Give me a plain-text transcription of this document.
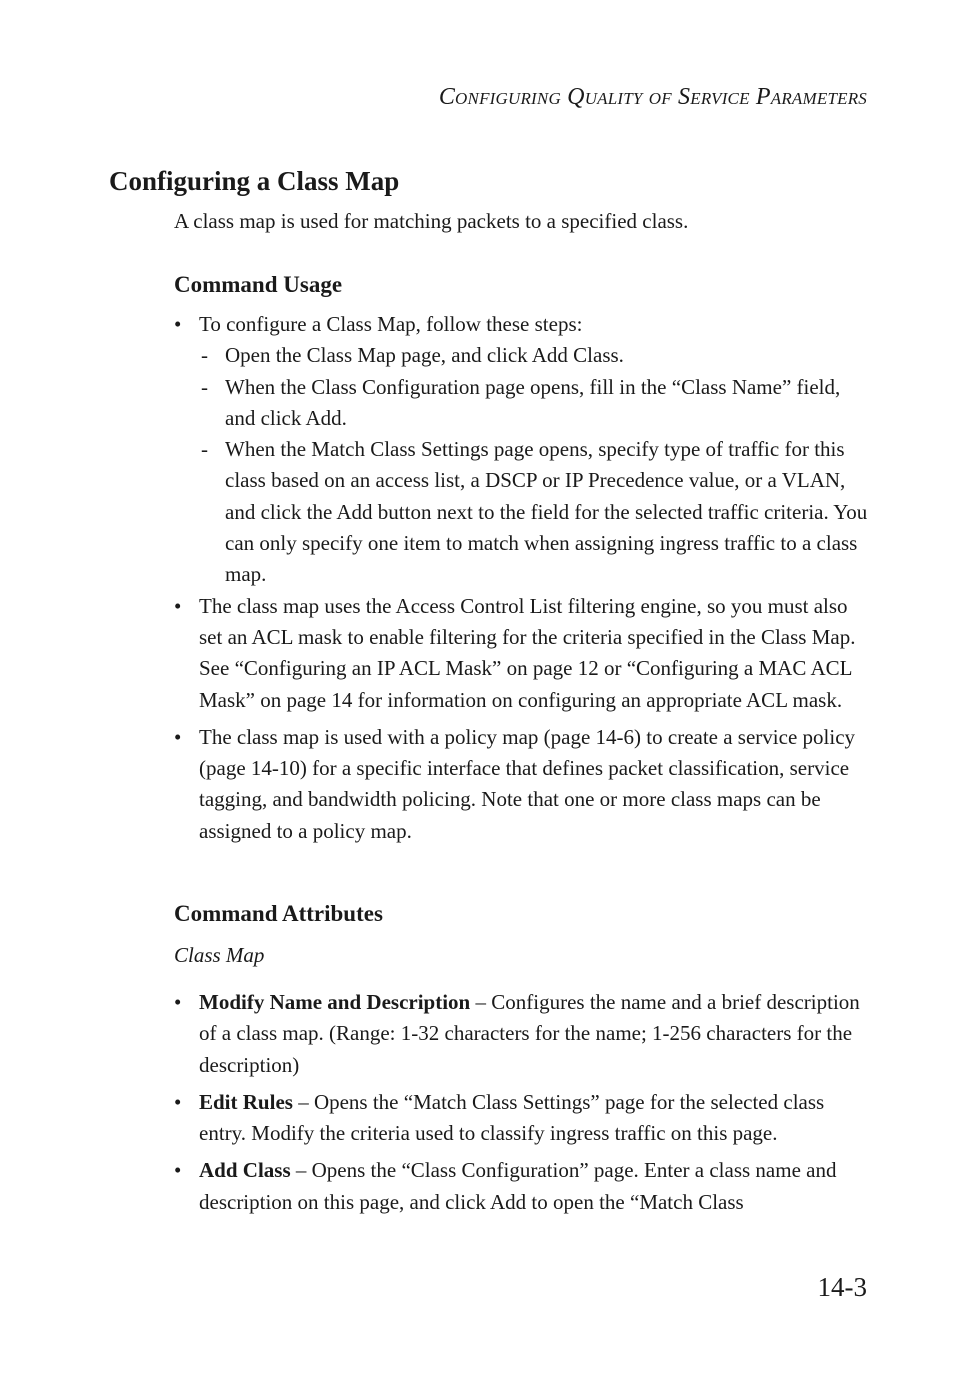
CONFIGURING QUALITY OF SERVICE PARAMETERS
Configuring a Class Map

A class map is used for matching packets to a specified class.

Command Usage
• To configure a Class Map, follow these steps:
- Open the Class Map page, and click Add Class.
- When the Class Configuration page opens, fill in the “Class Name” field, and click Add.
- When the Match Class Settings page opens, specify type of traffic for this class based on an access list, a DSCP or IP Precedence value, or a VLAN, and click the Add button next to the field for the selected traffic criteria. You can only specify one item to match when assigning ingress traffic to a class map.
• The class map uses the Access Control List filtering engine, so you must also set an ACL mask to enable filtering for the criteria specified in the Class Map. See “Configuring an IP ACL Mask” on page 12 or “Configuring a MAC ACL Mask” on page 14 for information on configuring an appropriate ACL mask.
• The class map is used with a policy map (page 14-6) to create a service policy (page 14-10) for a specific interface that defines packet classification, service tagging, and bandwidth policing. Note that one or more class maps can be assigned to a policy map.
Command Attributes
Class Map
• Modify Name and Description – Configures the name and a brief description of a class map. (Range: 1-32 characters for the name; 1-256 characters for the description)
• Edit Rules – Opens the “Match Class Settings” page for the selected class entry. Modify the criteria used to classify ingress traffic on this page.
• Add Class – Opens the “Class Configuration” page. Enter a class name and description on this page, and click Add to open the “Match Class
14-3
